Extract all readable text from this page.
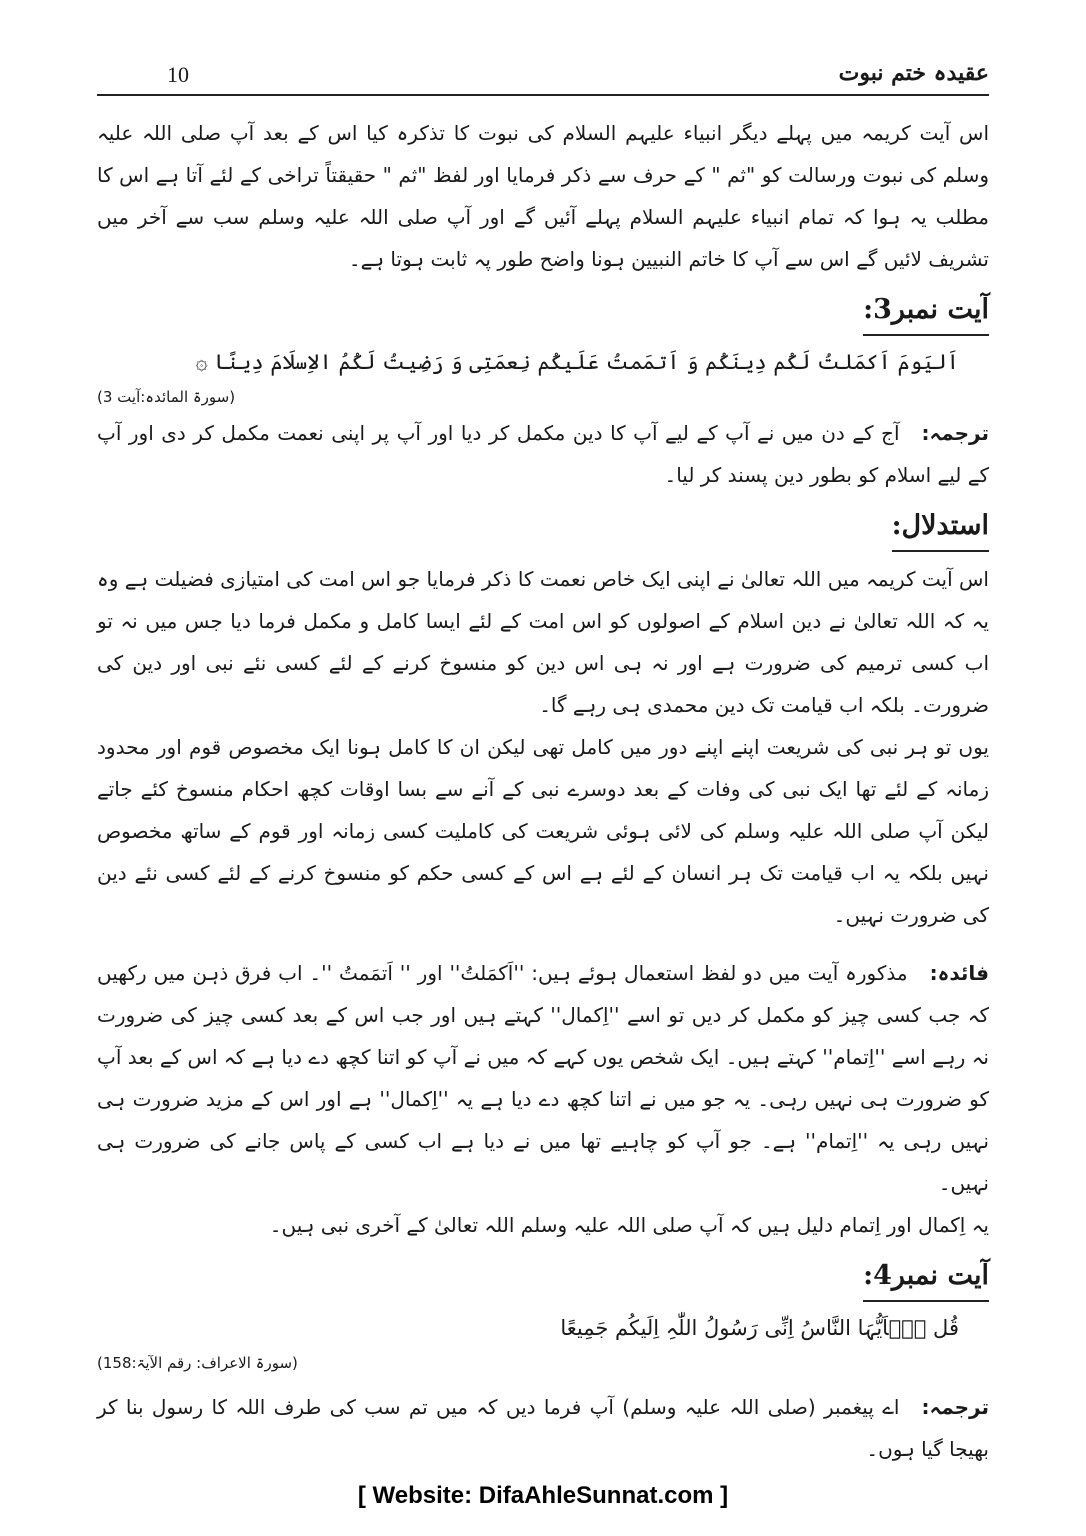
عقیدہ ختم نبوت
10

اس آیت کریمہ میں پہلے دیگر انبیاء علیہم السلام کی نبوت کا تذکرہ کیا اس کے بعد آپ صلی اللہ علیہ وسلم کی نبوت ورسالت کو "ثم " کے حرف سے ذکر فرمایا اور لفظ "ثم " حقیقتاً تراخی کے لئے آتا ہے اس کا مطلب یہ ہوا کہ تمام انبیاء علیہم السلام پہلے آئیں گے اور آپ صلی اللہ علیہ وسلم سب سے آخر میں تشریف لائیں گے اس سے آپ کا خاتم النبیین ہونا واضح طور پہ ثابت ہوتا ہے۔

آیت نمبر3:

اَلیَومَ اَکمَلتُ لَکُم دِینَکُم وَ اَتمَمتُ عَلَیکُم نِعمَتِی وَ رَضِیتُ لَکُمُ الاِسلَامَ دِینًا ۞

(سورۃ المائدہ:آیت 3)

ترجمہ:آج کے دن میں نے آپ کے لیے آپ کا دین مکمل کر دیا اور آپ پر اپنی نعمت مکمل کر دی اور آپ کے لیے اسلام کو بطور دین پسند کر لیا۔

استدلال:

اس آیت کریمہ میں اللہ تعالیٰ نے اپنی ایک خاص نعمت کا ذکر فرمایا جو اس امت کی امتیازی فضیلت ہے وہ یہ کہ اللہ تعالیٰ نے دین اسلام کے اصولوں کو اس امت کے لئے ایسا کامل و مکمل فرما دیا جس میں نہ تو اب کسی ترمیم کی ضرورت ہے اور نہ ہی اس دین کو منسوخ کرنے کے لئے کسی نئے نبی اور دین کی ضرورت۔ بلکہ اب قیامت تک دین محمدی ہی رہے گا۔

یوں تو ہر نبی کی شریعت اپنے اپنے دور میں کامل تھی لیکن ان کا کامل ہونا ایک مخصوص قوم اور محدود زمانہ کے لئے تھا ایک نبی کی وفات کے بعد دوسرے نبی کے آنے سے بسا اوقات کچھ احکام منسوخ کئے جاتے لیکن آپ صلی اللہ علیہ وسلم کی لائی ہوئی شریعت کی کاملیت کسی زمانہ اور قوم کے ساتھ مخصوص نہیں بلکہ یہ اب قیامت تک ہر انسان کے لئے ہے اس کے کسی حکم کو منسوخ کرنے کے لئے کسی نئے دین کی ضرورت نہیں۔

فائدہ:مذکورہ آیت میں دو لفظ استعمال ہوئے ہیں: ''اَکمَلتُ'' اور '' اَتمَمتُ ''۔ اب فرق ذہن میں رکھیں کہ جب کسی چیز کو مکمل کر دیں تو اسے ''اِکمال'' کہتے ہیں اور جب اس کے بعد کسی چیز کی ضرورت نہ رہے اسے ''اِتمام'' کہتے ہیں۔ ایک شخص یوں کہے کہ میں نے آپ کو اتنا کچھ دے دیا ہے کہ اس کے بعد آپ کو ضرورت ہی نہیں رہی۔ یہ جو میں نے اتنا کچھ دے دیا ہے یہ ''اِکمال'' ہے اور اس کے مزید ضرورت ہی نہیں رہی یہ ''اِتمام'' ہے۔ جو آپ کو چاہیے تھا میں نے دیا ہے اب کسی کے پاس جانے کی ضرورت ہی نہیں۔

یہ اِکمال اور اِتمام دلیل ہیں کہ آپ صلی اللہ علیہ وسلم اللہ تعالیٰ کے آخری نبی ہیں۔

آیت نمبر4:

قُل یٰۤاَیُّہَا النَّاسُ اِنِّی رَسُولُ اللّٰہِ اِلَیکُم جَمِیعًا

(سورۃ الاعراف: رقم الآیۃ:158)

ترجمہ:اے پیغمبر (صلی اللہ علیہ وسلم) آپ فرما دیں کہ میں تم سب کی طرف اللہ کا رسول بنا کر بھیجا گیا ہوں۔

[ Website: DifaAhleSunnat.com ]
